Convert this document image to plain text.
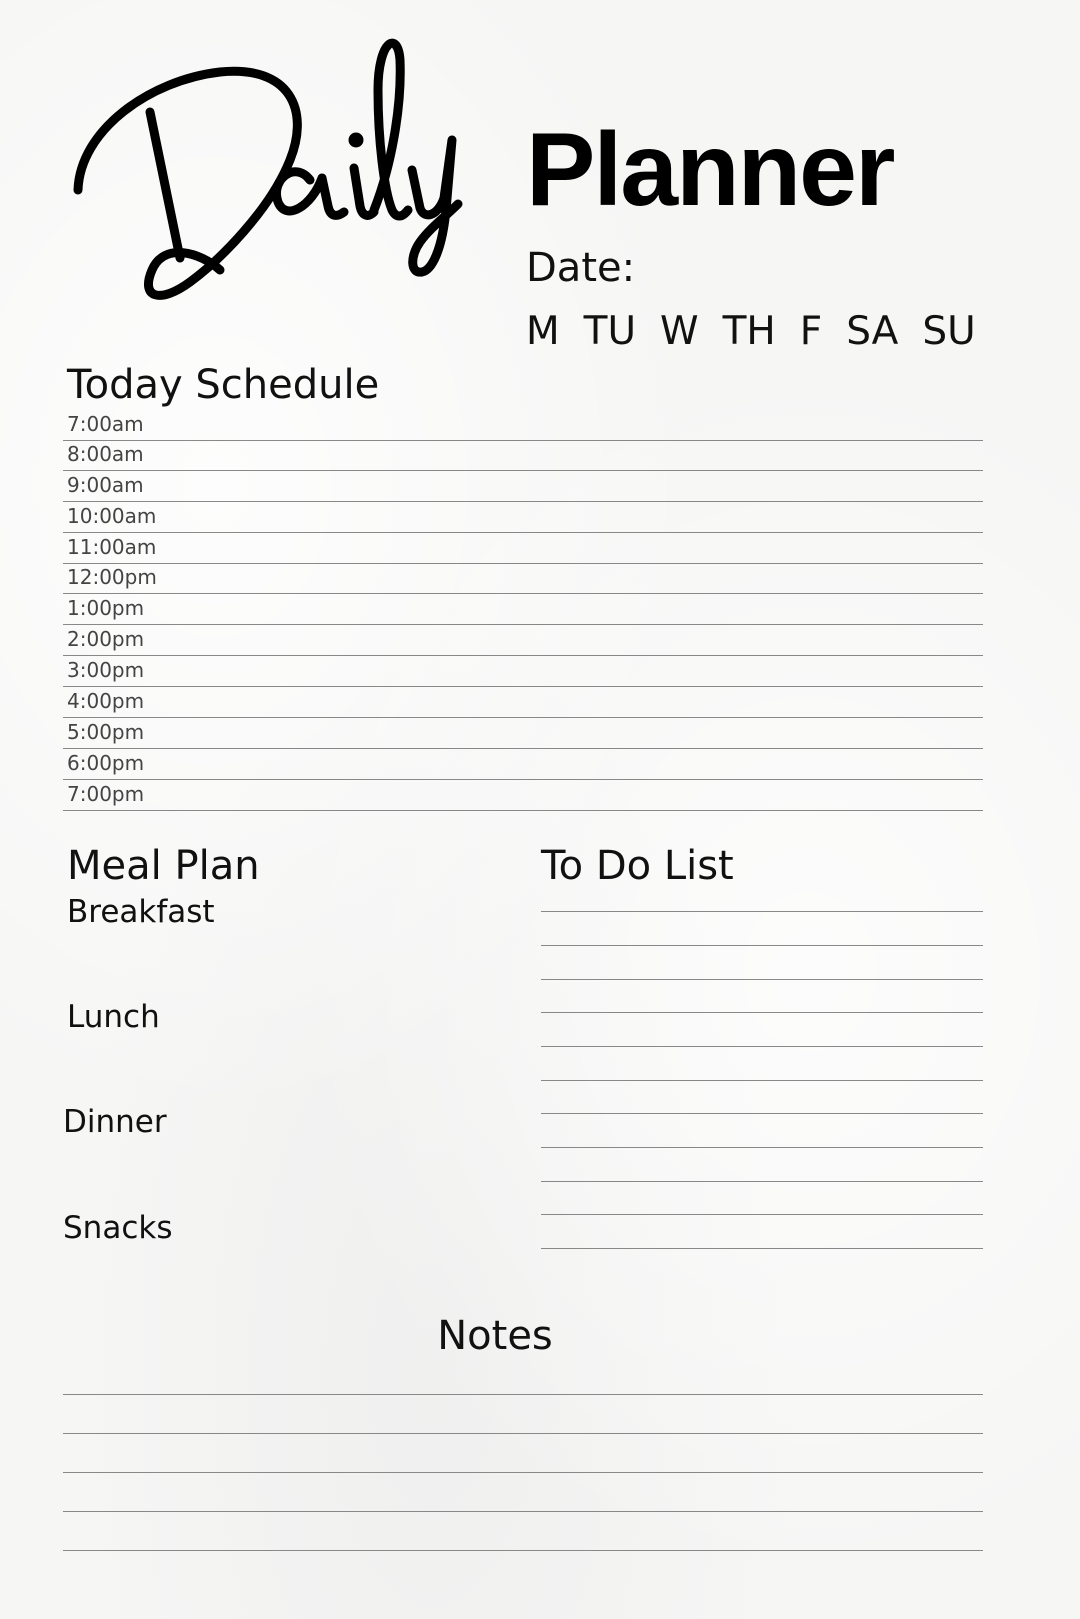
Planner
Date:
M TU W TH F SA SU
Today Schedule
7:00am
8:00am
9:00am
10:00am
11:00am
12:00pm
1:00pm
2:00pm
3:00pm
4:00pm
5:00pm
6:00pm
7:00pm
Meal Plan
Breakfast
Lunch
Dinner
Snacks
To Do List
Notes
